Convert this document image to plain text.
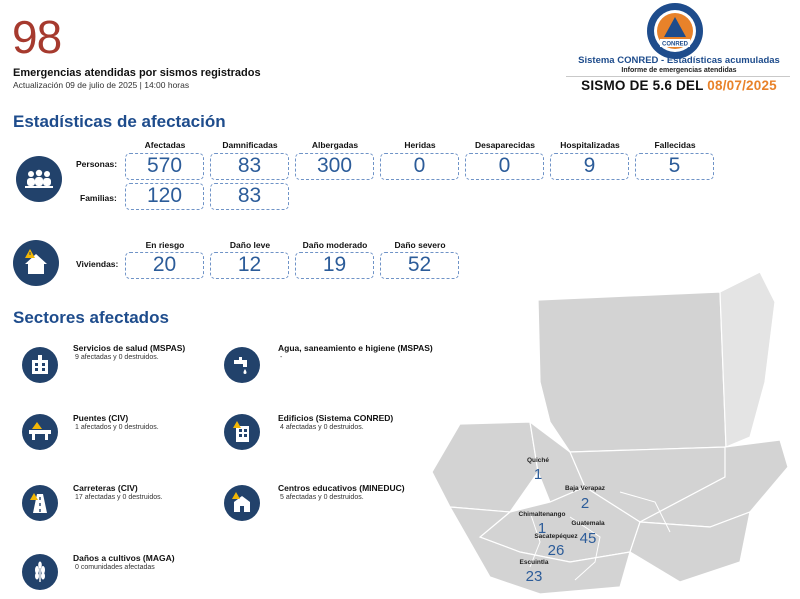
98
Emergencias atendidas por sismos registrados
Actualización 09 de julio de 2025 | 14:00 horas
CONRED
Sistema CONRED - Estadísticas acumuladas
Informe de emergencias atendidas
SISMO DE 5.6 DEL 08/07/2025
Estadísticas de afectación
Personas:
Familias:
Afectadas
570
Damnificadas
83
Albergadas
300
Heridas
0
Desaparecidas
0
Hospitalizadas
9
Fallecidas
5
120	83
Viviendas:
En riesgo
20
Daño leve
12
Daño moderado
19
Daño severo
52
Sectores afectados
Servicios de salud (MSPAS)
9 afectadas y 0 destruidos.
Agua, saneamiento e higiene (MSPAS)
-
Puentes (CIV)
1 afectados y 0 destruidos.
Edificios (Sistema CONRED)
4 afectadas y 0 destruidos.
Carreteras (CIV)
17 afectadas y 0 destruidos.
Centros educativos (MINEDUC)
5 afectadas y 0 destruidos.
Daños a cultivos (MAGA)
0 comunidades afectadas
Quiché
1
Baja Verapaz
2
Chimaltenango
1	Guatemala
45
Sacatepéquez
26
Escuintla
23
